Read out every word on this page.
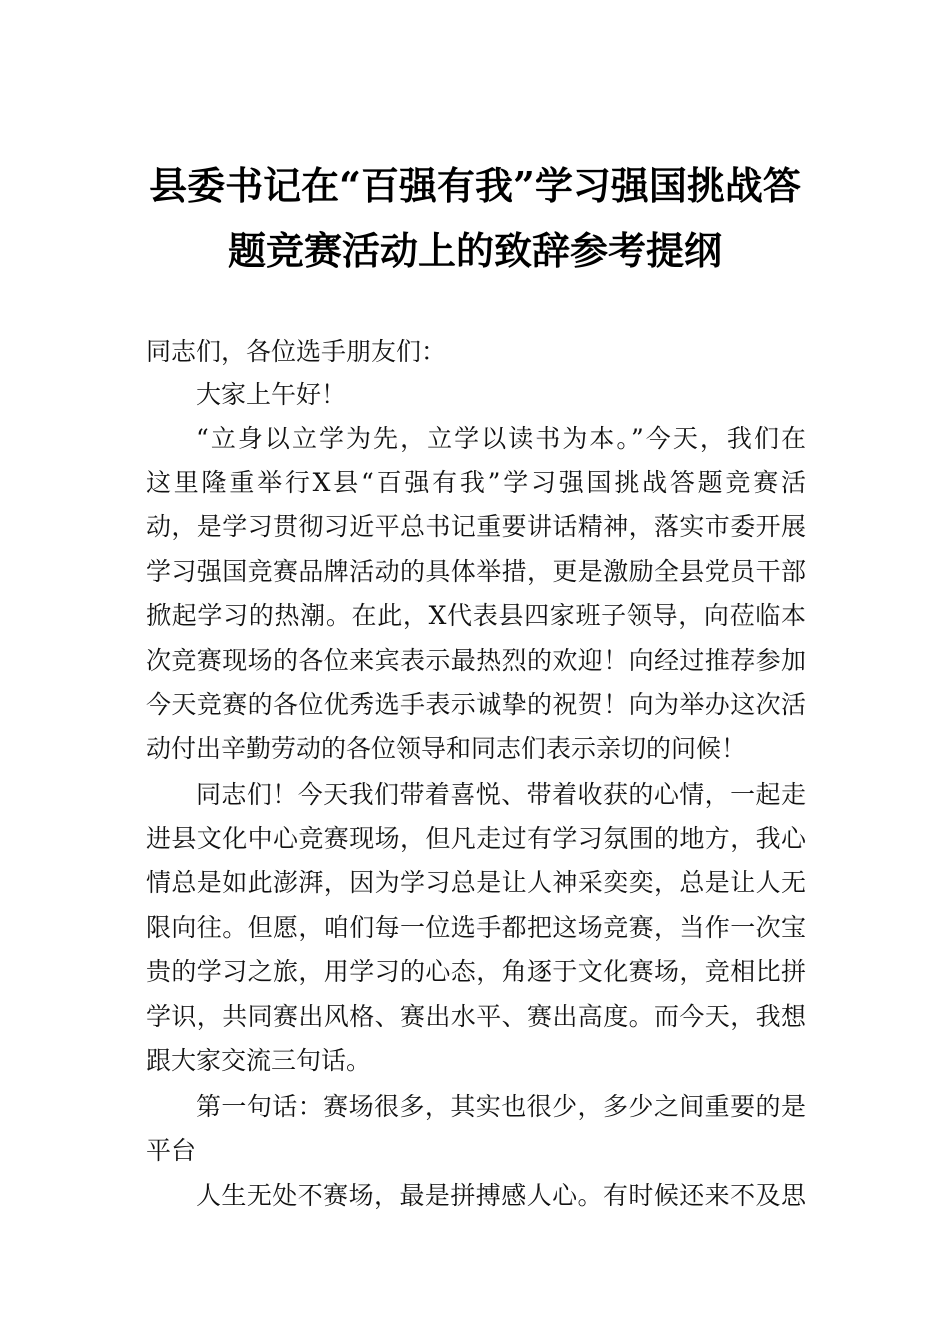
县委书记在“百强有我”学习强国挑战答
题竞赛活动上的致辞参考提纲
同志们，各位选手朋友们：
大家上午好！
“立身以立学为先，立学以读书为本。”今天，我们在
这里隆重举行X县“百强有我”学习强国挑战答题竞赛活
动，是学习贯彻习近平总书记重要讲话精神，落实市委开展
学习强国竞赛品牌活动的具体举措，更是激励全县党员干部
掀起学习的热潮。在此，X代表县四家班子领导，向莅临本
次竞赛现场的各位来宾表示最热烈的欢迎！向经过推荐参加
今天竞赛的各位优秀选手表示诚挚的祝贺！向为举办这次活
动付出辛勤劳动的各位领导和同志们表示亲切的问候！
同志们！今天我们带着喜悦、带着收获的心情，一起走
进县文化中心竞赛现场，但凡走过有学习氛围的地方，我心
情总是如此澎湃，因为学习总是让人神采奕奕，总是让人无
限向往。但愿，咱们每一位选手都把这场竞赛，当作一次宝
贵的学习之旅，用学习的心态，角逐于文化赛场，竞相比拼
学识，共同赛出风格、赛出水平、赛出高度。而今天，我想
跟大家交流三句话。
第一句话：赛场很多，其实也很少，多少之间重要的是
平台
人生无处不赛场，最是拼搏感人心。有时候还来不及思
